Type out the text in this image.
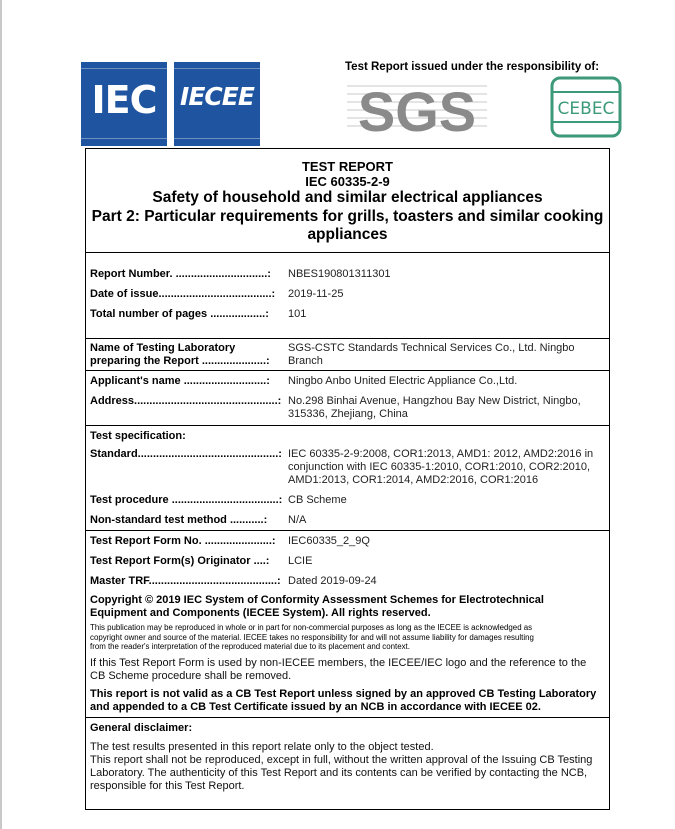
IEC IECEE
Test Report issued under the responsibility of:
SGS	CEBEC
TEST REPORT
IEC 60335-2-9
Safety of household and similar electrical appliances
Part 2: Particular requirements for grills, toasters and similar cooking
appliances
Report Number. ..............................: NBES190801311301
Date of issue.....................................: 2019-11-25
Total number of pages ..................: 101
Name of Testing Laboratory
preparing the Report .....................:
SGS-CSTC Standards Technical Services Co., Ltd. Ningbo
Branch
Applicant's name ...........................: Ningbo Anbo United Electric Appliance Co.,Ltd.
Address...............................................: No.298 Binhai Avenue, Hangzhou Bay New District, Ningbo,
315336, Zhejiang, China
Test specification:
Standard..............................................: IEC 60335-2-9:2008, COR1:2013, AMD1: 2012, AMD2:2016 in
conjunction with IEC 60335-1:2010, COR1:2010, COR2:2010,
AMD1:2013, COR1:2014, AMD2:2016, COR1:2016
Test procedure ...................................: CB Scheme
Non-standard test method ...........: N/A
Test Report Form No. ......................: IEC60335_2_9Q
Test Report Form(s) Originator ....: LCIE
Master TRF..........................................: Dated 2019-09-24
Copyright © 2019 IEC System of Conformity Assessment Schemes for Electrotechnical
Equipment and Components (IECEE System). All rights reserved.
This publication may be reproduced in whole or in part for non-commercial purposes as long as the IECEE is acknowledged as
copyright owner and source of the material. IECEE takes no responsibility for and will not assume liability for damages resulting
from the reader's interpretation of the reproduced material due to its placement and context.
If this Test Report Form is used by non-IECEE members, the IECEE/IEC logo and the reference to the
CB Scheme procedure shall be removed.
This report is not valid as a CB Test Report unless signed by an approved CB Testing Laboratory
and appended to a CB Test Certificate issued by an NCB in accordance with IECEE 02.
General disclaimer:
The test results presented in this report relate only to the object tested.
This report shall not be reproduced, except in full, without the written approval of the Issuing CB Testing
Laboratory. The authenticity of this Test Report and its contents can be verified by contacting the NCB,
responsible for this Test Report.
